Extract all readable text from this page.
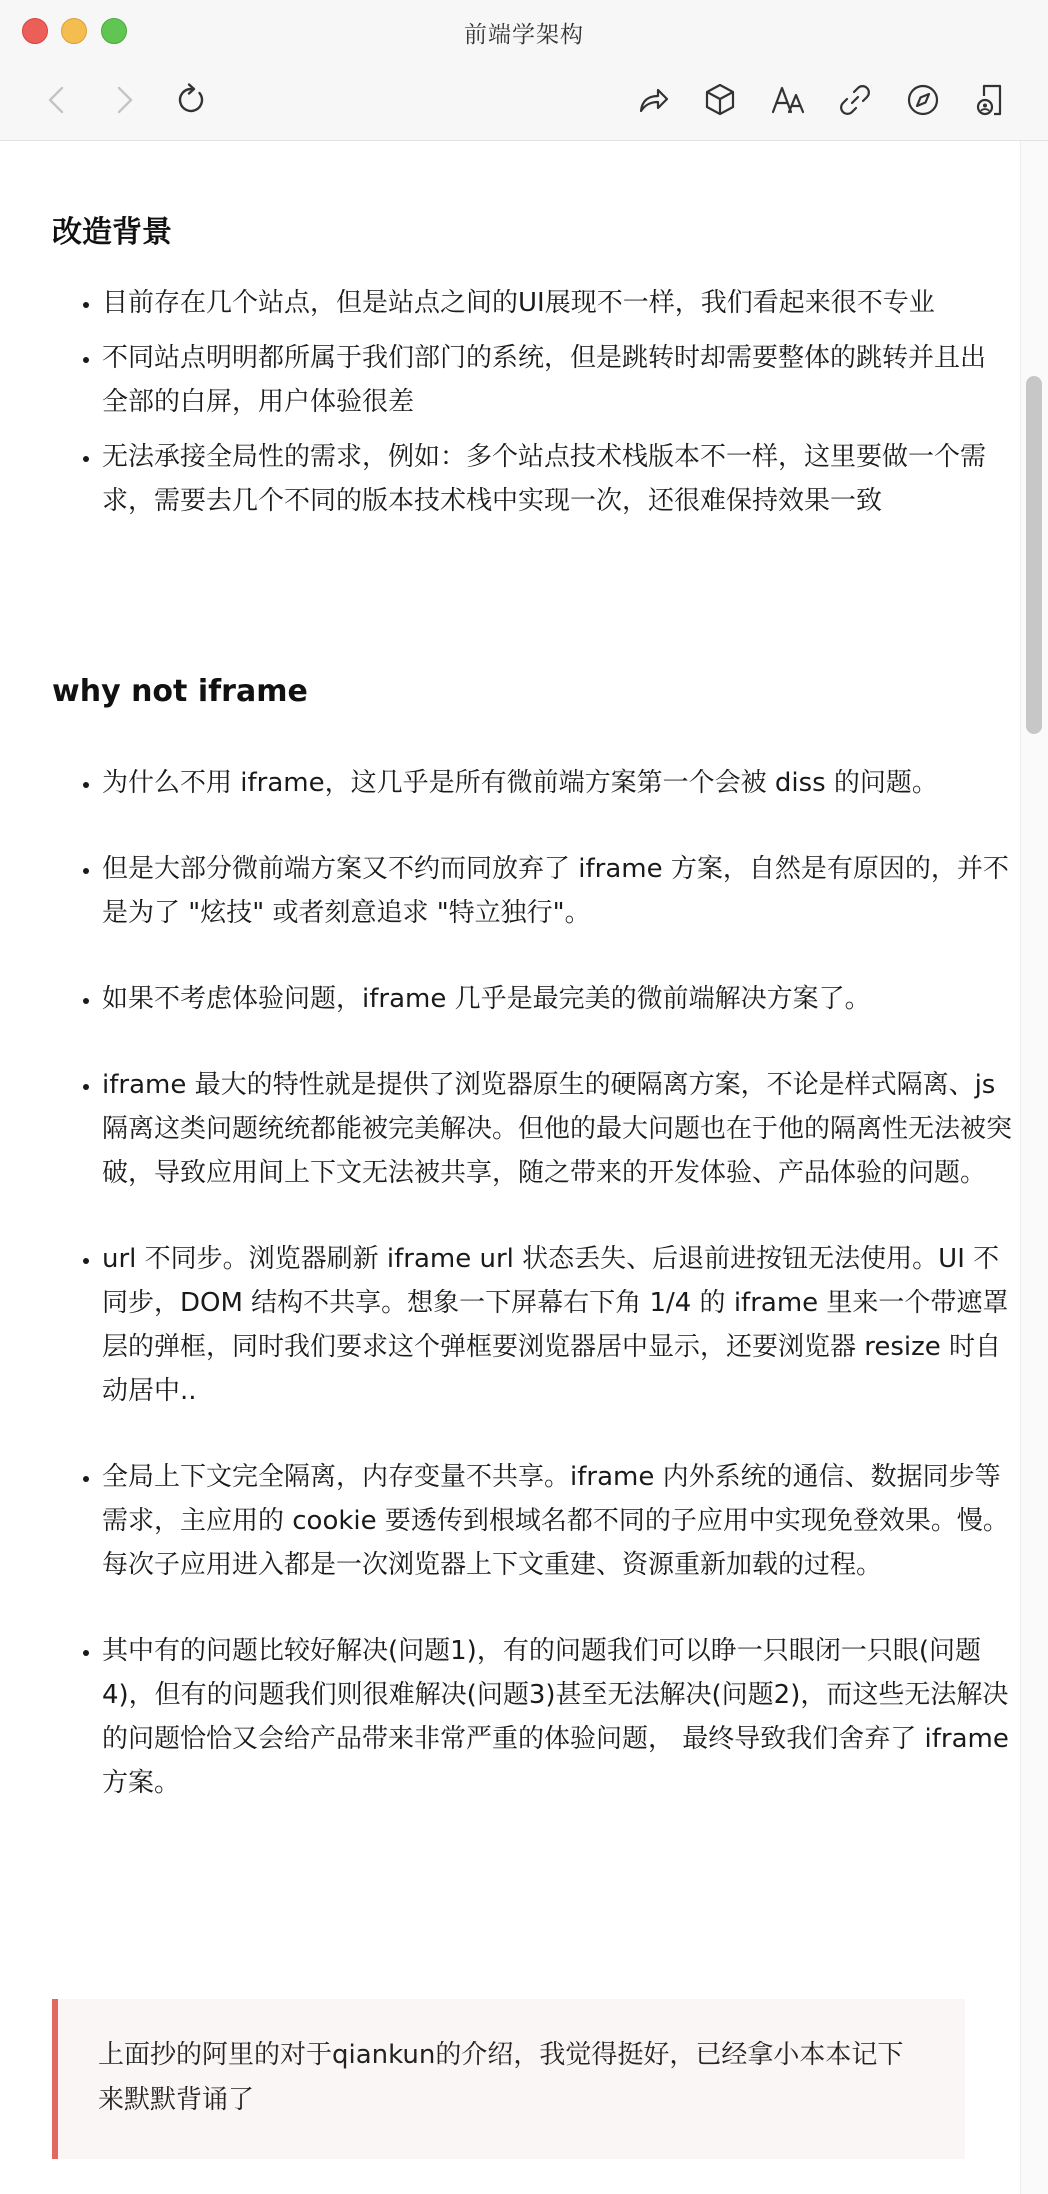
前端学架构
改造背景
• 目前存在几个站点，但是站点之间的UI展现不一样，我们看起来很不专业
• 不同站点明明都所属于我们部门的系统，但是跳转时却需要整体的跳转并且出全部的白屏，用户体验很差
• 无法承接全局性的需求，例如：多个站点技术栈版本不一样，这里要做一个需求，需要去几个不同的版本技术栈中实现一次，还很难保持效果一致
why not iframe
• 为什么不用 iframe，这几乎是所有微前端方案第一个会被 diss 的问题。
• 但是大部分微前端方案又不约而同放弃了 iframe 方案，自然是有原因的，并不是为了 "炫技" 或者刻意追求 "特立独行"。
• 如果不考虑体验问题，iframe 几乎是最完美的微前端解决方案了。
• iframe 最大的特性就是提供了浏览器原生的硬隔离方案，不论是样式隔离、js 隔离这类问题统统都能被完美解决。但他的最大问题也在于他的隔离性无法被突破，导致应用间上下文无法被共享，随之带来的开发体验、产品体验的问题。
• url 不同步。浏览器刷新 iframe url 状态丢失、后退前进按钮无法使用。UI 不同步，DOM 结构不共享。想象一下屏幕右下角 1/4 的 iframe 里来一个带遮罩层的弹框，同时我们要求这个弹框要浏览器居中显示，还要浏览器 resize 时自动居中..
• 全局上下文完全隔离，内存变量不共享。iframe 内外系统的通信、数据同步等需求，主应用的 cookie 要透传到根域名都不同的子应用中实现免登效果。慢。每次子应用进入都是一次浏览器上下文重建、资源重新加载的过程。
• 其中有的问题比较好解决(问题1)，有的问题我们可以睁一只眼闭一只眼(问题4)，但有的问题我们则很难解决(问题3)甚至无法解决(问题2)，而这些无法解决的问题恰恰又会给产品带来非常严重的体验问题， 最终导致我们舍弃了 iframe 方案。
上面抄的阿里的对于qiankun的介绍，我觉得挺好，已经拿小本本记下来默默背诵了
